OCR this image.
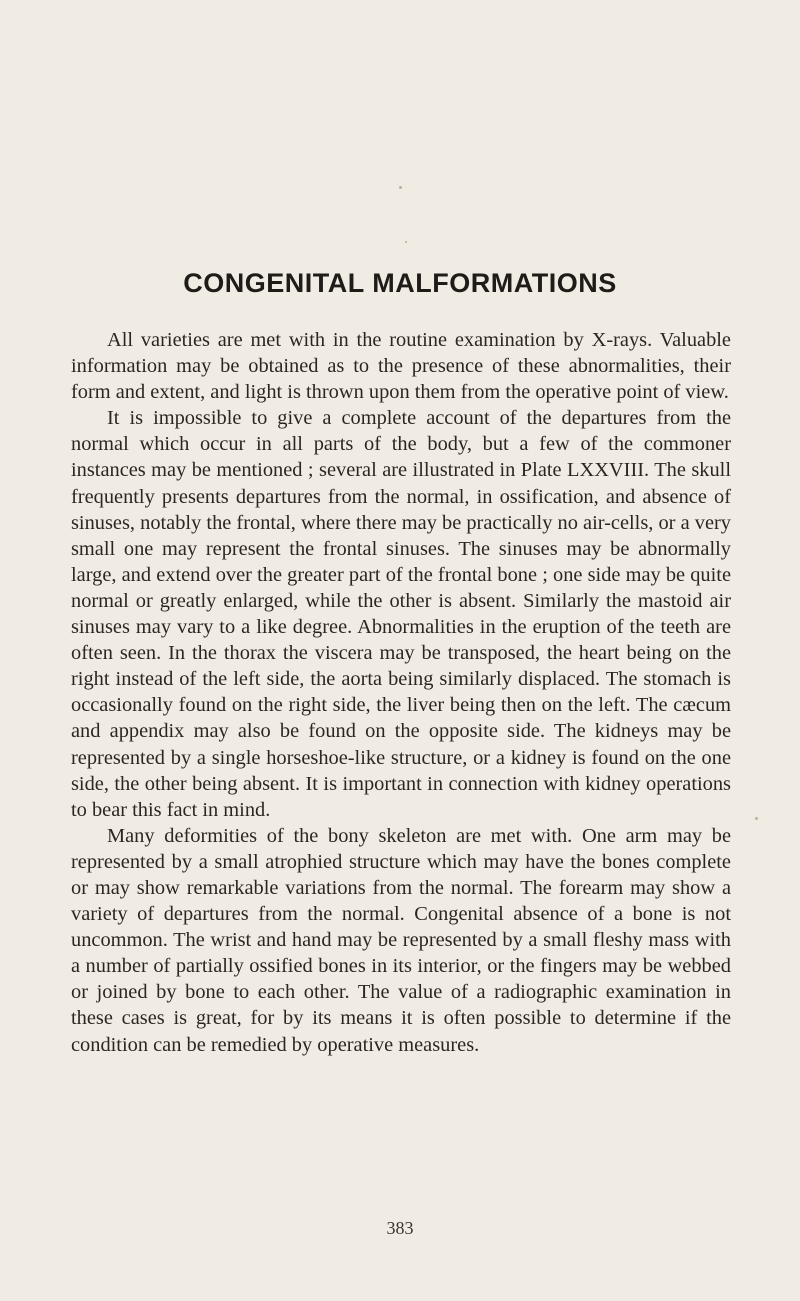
CONGENITAL MALFORMATIONS

All varieties are met with in the routine examination by X-rays. Valuable information may be obtained as to the presence of these abnormalities, their form and extent, and light is thrown upon them from the operative point of view.

It is impossible to give a complete account of the departures from the normal which occur in all parts of the body, but a few of the commoner instances may be mentioned ; several are illustrated in Plate LXXVIII. The skull frequently presents departures from the normal, in ossification, and absence of sinuses, notably the frontal, where there may be practically no air-cells, or a very small one may represent the frontal sinuses. The sinuses may be abnormally large, and extend over the greater part of the frontal bone ; one side may be quite normal or greatly enlarged, while the other is absent. Similarly the mastoid air sinuses may vary to a like degree. Abnormalities in the eruption of the teeth are often seen. In the thorax the viscera may be transposed, the heart being on the right instead of the left side, the aorta being similarly displaced. The stomach is occasionally found on the right side, the liver being then on the left. The cæcum and appendix may also be found on the opposite side. The kidneys may be represented by a single horseshoe-like structure, or a kidney is found on the one side, the other being absent. It is important in connection with kidney operations to bear this fact in mind.

Many deformities of the bony skeleton are met with. One arm may be represented by a small atrophied structure which may have the bones complete or may show remarkable variations from the normal. The forearm may show a variety of departures from the normal. Congenital absence of a bone is not uncommon. The wrist and hand may be represented by a small fleshy mass with a number of partially ossified bones in its interior, or the fingers may be webbed or joined by bone to each other. The value of a radiographic examination in these cases is great, for by its means it is often possible to determine if the condition can be remedied by operative measures.

383
